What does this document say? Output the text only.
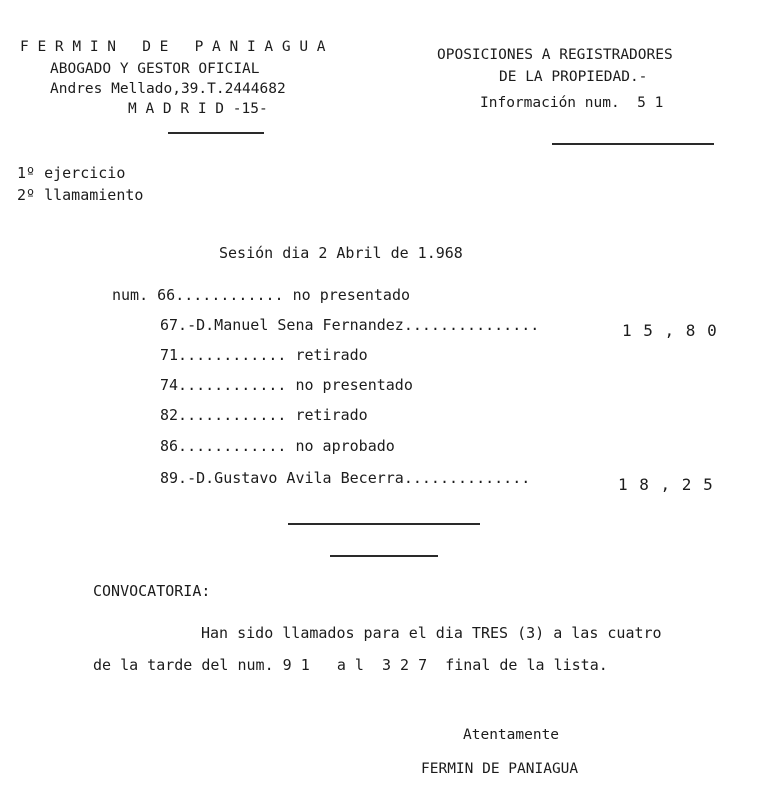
F E R M I N   D E   P A N I A G U A
ABOGADO Y GESTOR OFICIAL
Andres Mellado,39.T.2444682
M A D R I D -15-
OPOSICIONES A REGISTRADORES
DE LA PROPIEDAD.-
Información num.  5 1
1º ejercicio
2º llamamiento
Sesión dia 2 Abril de 1.968
num. 66............ no presentado
67.-D.Manuel Sena Fernandez...............	1 5 , 8 0
71............ retirado
74............ no presentado
82............ retirado
86............ no aprobado
89.-D.Gustavo Avila Becerra..............	1 8 , 2 5
CONVOCATORIA:
Han sido llamados para el dia TRES (3) a las cuatro
de la tarde del num. 9 1   a l  3 2 7  final de la lista.
Atentamente
FERMIN DE PANIAGUA
